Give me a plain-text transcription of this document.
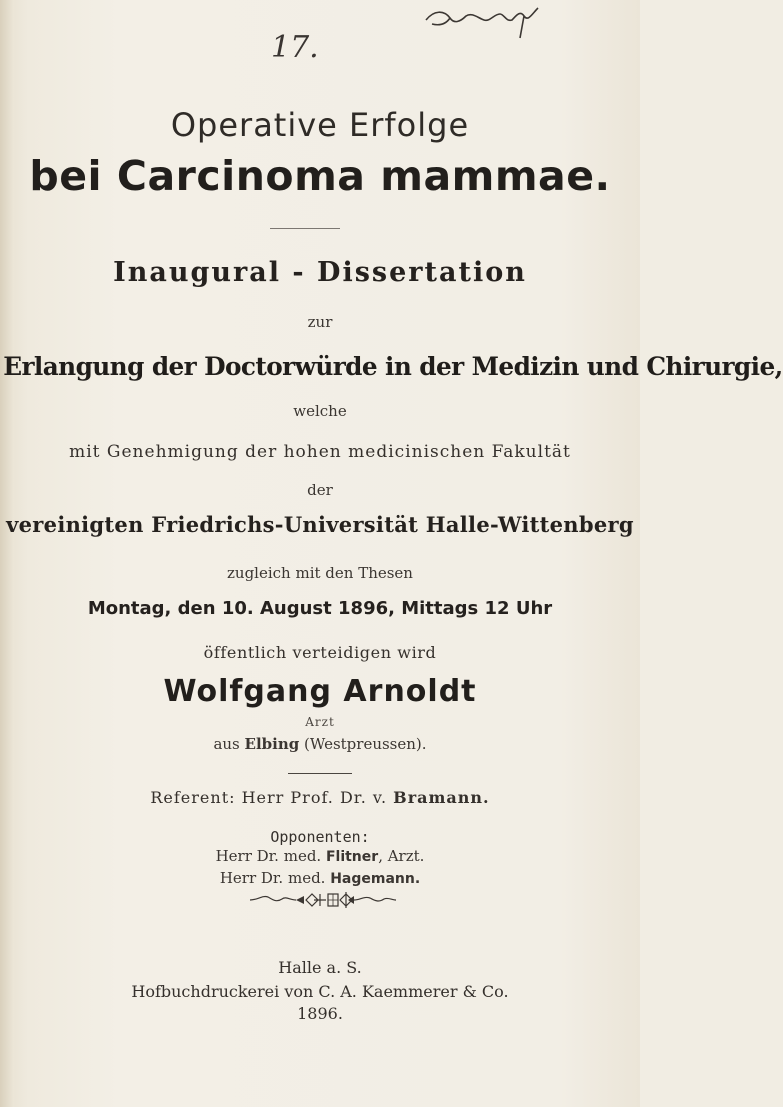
17.
Operative Erfolge
bei Carcinoma mammae.
Inaugural - Dissertation
zur
Erlangung der Doctorwürde in der Medizin und Chirurgie,
welche
mit Genehmigung der hohen medicinischen Fakultät
der
vereinigten Friedrichs-Universität Halle-Wittenberg
zugleich mit den Thesen
Montag, den 10. August 1896, Mittags 12 Uhr
öffentlich verteidigen wird
Wolfgang Arnoldt
Arzt
aus Elbing (Westpreussen).
Referent: Herr Prof. Dr. v. Bramann.
Opponenten:
Herr Dr. med. Flitner, Arzt.
Herr Dr. med. Hagemann.
Halle a. S.
Hofbuchdruckerei von C. A. Kaemmerer & Co.
1896.
